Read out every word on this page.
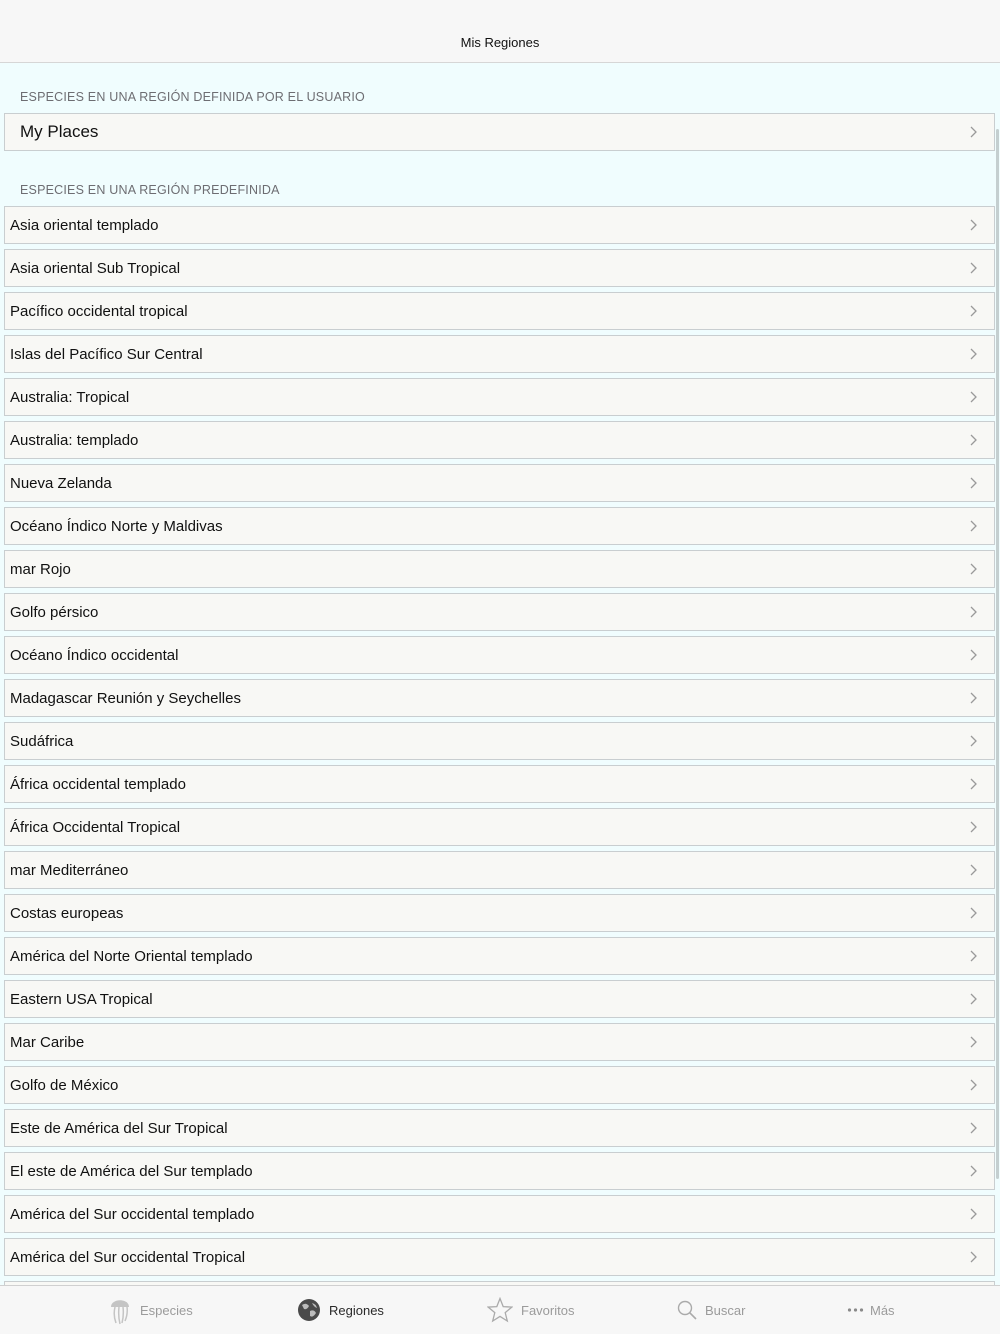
Mis Regiones
ESPECIES EN UNA REGIÓN DEFINIDA POR EL USUARIO
My Places
ESPECIES EN UNA REGIÓN PREDEFINIDA
Asia oriental templado
Asia oriental Sub Tropical
Pacífico occidental tropical
Islas del Pacífico Sur Central
Australia: Tropical
Australia: templado
Nueva Zelanda
Océano Índico Norte y Maldivas
mar Rojo
Golfo pérsico
Océano Índico occidental
Madagascar Reunión y Seychelles
Sudáfrica
África occidental templado
África Occidental Tropical
mar Mediterráneo
Costas europeas
América del Norte Oriental templado
Eastern USA Tropical
Mar Caribe
Golfo de México
Este de América del Sur Tropical
El este de América del Sur templado
América del Sur occidental templado
América del Sur occidental Tropical
Especies	Regiones	Favoritos	Buscar	Más
